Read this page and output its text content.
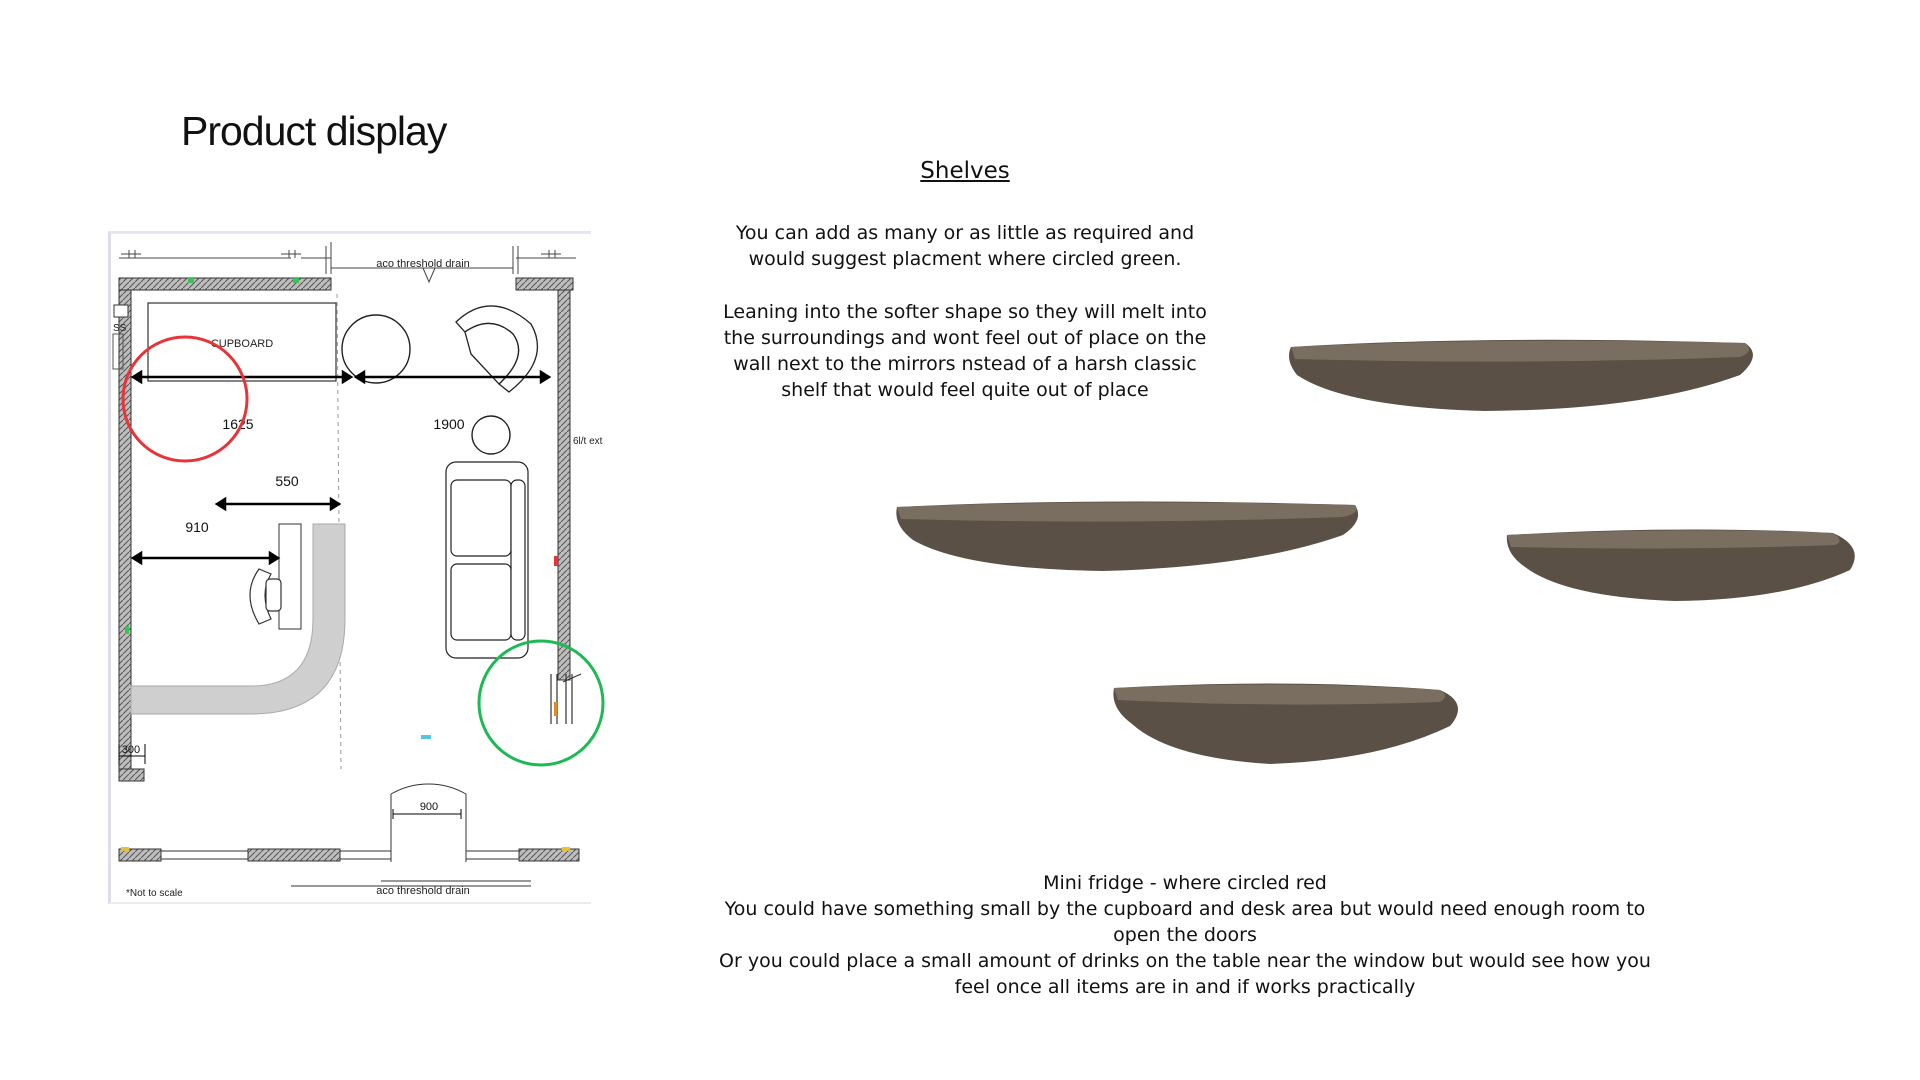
Product display
CUPBOARD
SS
1625	1900
550
910
aco threshold drain
aco threshold drain
6l/t ext
300
900
*Not to scale
Shelves
You can add as many or as little as required and would suggest placment where circled green.
Leaning into the softer shape so they will melt into the surroundings and wont feel out of place on the wall next to the mirrors nstead of a harsh classic shelf that would feel quite out of place
Mini fridge - where circled red
You could have something small by the cupboard and desk area but would need enough room to open the doors
Or you could place a small amount of drinks on the table near the window but would see how you feel once all items are in and if works practically
